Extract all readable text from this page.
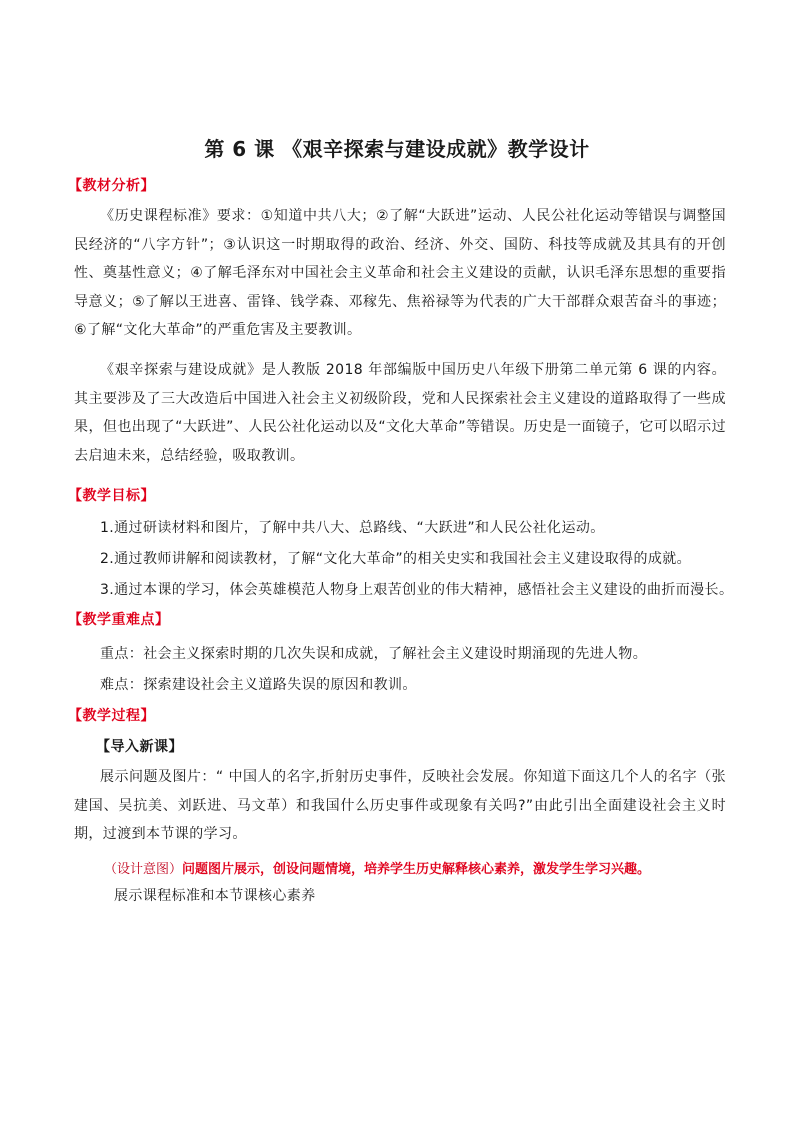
第 6 课 《艰辛探索与建设成就》教学设计
【教材分析】

《历史课程标准》要求：①知道中共八大；②了解“大跃进”运动、人民公社化运动等错误与调整国民经济的“八字方针”；③认识这一时期取得的政治、经济、外交、国防、科技等成就及其具有的开创性、奠基性意义；④了解毛泽东对中国社会主义革命和社会主义建设的贡献，认识毛泽东思想的重要指导意义；⑤了解以王进喜、雷锋、钱学森、邓稼先、焦裕禄等为代表的广大干部群众艰苦奋斗的事迹；⑥了解“文化大革命”的严重危害及主要教训。

《艰辛探索与建设成就》是人教版 2018 年部编版中国历史八年级下册第二单元第 6 课的内容。其主要涉及了三大改造后中国进入社会主义初级阶段，党和人民探索社会主义建设的道路取得了一些成果，但也出现了“大跃进”、人民公社化运动以及“文化大革命”等错误。历史是一面镜子，它可以昭示过去启迪未来，总结经验，吸取教训。

【教学目标】
1.通过研读材料和图片，了解中共八大、总路线、“大跃进”和人民公社化运动。
2.通过教师讲解和阅读教材，了解“文化大革命”的相关史实和我国社会主义建设取得的成就。
3.通过本课的学习，体会英雄模范人物身上艰苦创业的伟大精神，感悟社会主义建设的曲折而漫长。
【教学重难点】
重点：社会主义探索时期的几次失误和成就，了解社会主义建设时期涌现的先进人物。
难点：探索建设社会主义道路失误的原因和教训。
【教学过程】
【导入新课】

展示问题及图片：“ 中国人的名字,折射历史事件，反映社会发展。你知道下面这几个人的名字（张建国、吴抗美、刘跃进、马文革）和我国什么历史事件或现象有关吗?”由此引出全面建设社会主义时期，过渡到本节课的学习。

（设计意图）问题图片展示，创设问题情境，培养学生历史解释核心素养，激发学生学习兴趣。
展示课程标准和本节课核心素养
